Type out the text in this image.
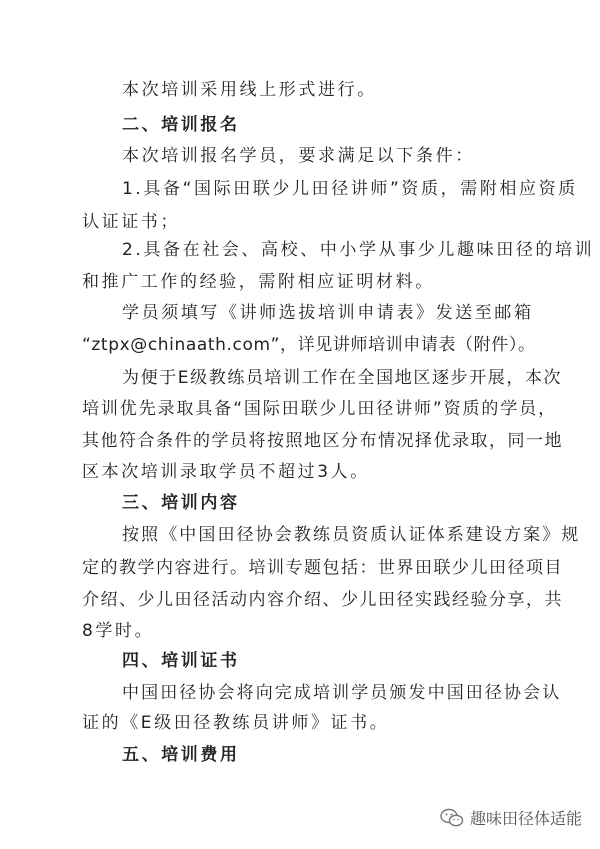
本次培训采用线上形式进行。
二、培训报名
本次培训报名学员，要求满足以下条件：
1.具备“国际田联少儿田径讲师”资质，需附相应资质
认证证书；
2.具备在社会、高校、中小学从事少儿趣味田径的培训
和推广工作的经验，需附相应证明材料。
学员须填写《讲师选拔培训申请表》发送至邮箱
“ztpx@chinaath.com”，详见讲师培训申请表（附件）。
为便于E级教练员培训工作在全国地区逐步开展，本次
培训优先录取具备“国际田联少儿田径讲师”资质的学员，
其他符合条件的学员将按照地区分布情况择优录取，同一地
区本次培训录取学员不超过3人。
三、培训内容
按照《中国田径协会教练员资质认证体系建设方案》规
定的教学内容进行。培训专题包括：世界田联少儿田径项目
介绍、少儿田径活动内容介绍、少儿田径实践经验分享，共
8学时。
四、培训证书
中国田径协会将向完成培训学员颁发中国田径协会认
证的《E级田径教练员讲师》证书。
五、培训费用
趣味田径体适能
